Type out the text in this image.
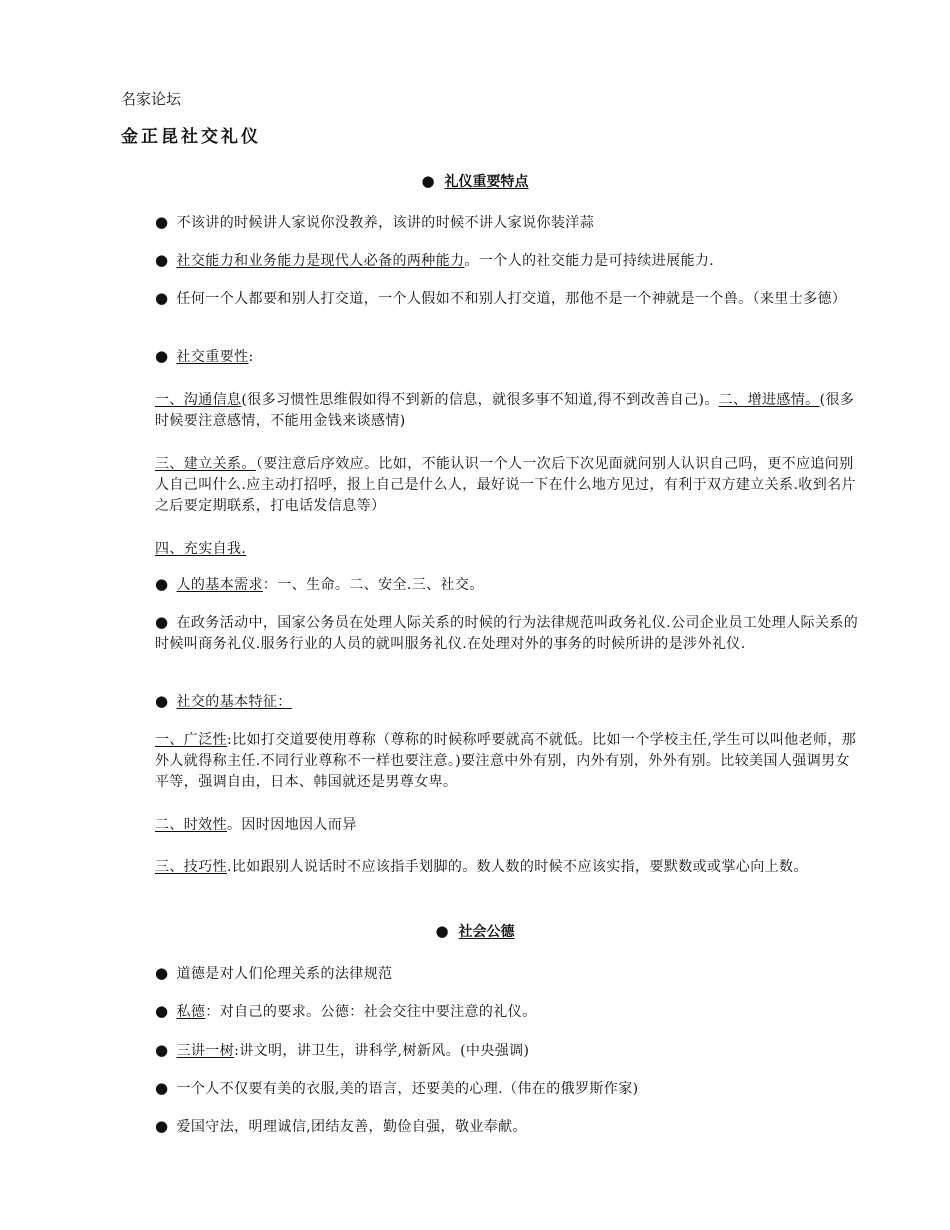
名家论坛
金正昆社交礼仪
● 礼仪重要特点
● 不该讲的时候讲人家说你没教养，该讲的时候不讲人家说你装洋蒜
● 社交能力和业务能力是现代人必备的两种能力。一个人的社交能力是可持续进展能力.
● 任何一个人都要和别人打交道，一个人假如不和别人打交道，那他不是一个神就是一个兽。（来里士多德）
● 社交重要性:
一、沟通信息(很多习惯性思维假如得不到新的信息，就很多事不知道,得不到改善自己)。二、增进感情。(很多时候要注意感情，不能用金钱来谈感情)
三、建立关系。（要注意后序效应。比如，不能认识一个人一次后下次见面就问别人认识自己吗，更不应追问别人自己叫什么.应主动打招呼，报上自己是什么人，最好说一下在什么地方见过，有利于双方建立关系.收到名片之后要定期联系，打电话发信息等）
四、充实自我.
● 人的基本需求：一、生命。二、安全.三、社交。
● 在政务活动中，国家公务员在处理人际关系的时候的行为法律规范叫政务礼仪.公司企业员工处理人际关系的时候叫商务礼仪.服务行业的人员的就叫服务礼仪.在处理对外的事务的时候所讲的是涉外礼仪.
● 社交的基本特征：
一、广泛性:比如打交道要使用尊称（尊称的时候称呼要就高不就低。比如一个学校主任,学生可以叫他老师，那外人就得称主任.不同行业尊称不一样也要注意。)要注意中外有别，内外有别，外外有别。比较美国人强调男女平等，强调自由，日本、韩国就还是男尊女卑。
二、时效性。因时因地因人而异
三、技巧性.比如跟别人说话时不应该指手划脚的。数人数的时候不应该实指，要默数或或掌心向上数。
● 社会公德
● 道德是对人们伦理关系的法律规范
● 私德：对自己的要求。公德：社会交往中要注意的礼仪。
● 三讲一树:讲文明，讲卫生，讲科学,树新风。(中央强调)
● 一个人不仅要有美的衣服,美的语言，还要美的心理.（伟在的俄罗斯作家)
● 爱国守法，明理诚信,团结友善，勤俭自强，敬业奉献。
